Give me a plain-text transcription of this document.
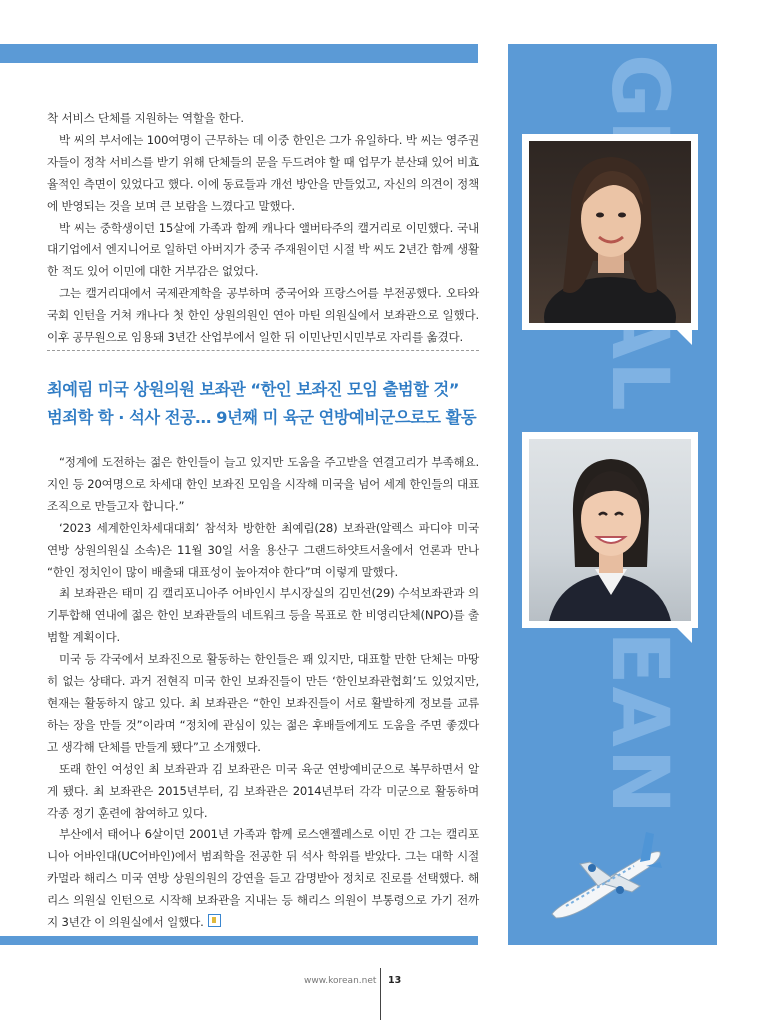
착 서비스 단체를 지원하는 역할을 한다.

박 씨의 부서에는 100여명이 근무하는 데 이중 한인은 그가 유일하다. 박 씨는 영주권자들이 정착 서비스를 받기 위해 단체들의 문을 두드려야 할 때 업무가 분산돼 있어 비효율적인 측면이 있었다고 했다. 이에 동료들과 개선 방안을 만들었고, 자신의 의견이 정책에 반영되는 것을 보며 큰 보람을 느꼈다고 말했다.

박 씨는 중학생이던 15살에 가족과 함께 캐나다 앨버타주의 캘거리로 이민했다. 국내 대기업에서 엔지니어로 일하던 아버지가 중국 주재원이던 시절 박 씨도 2년간 함께 생활한 적도 있어 이민에 대한 거부감은 없었다.

그는 캘거리대에서 국제관계학을 공부하며 중국어와 프랑스어를 부전공했다. 오타와 국회 인턴을 거쳐 캐나다 첫 한인 상원의원인 연아 마틴 의원실에서 보좌관으로 일했다. 이후 공무원으로 임용돼 3년간 산업부에서 일한 뒤 이민난민시민부로 자리를 옮겼다.

최예림 미국 상원의원 보좌관 “한인 보좌진 모임 출범할 것”
범죄학 학 · 석사 전공… 9년째 미 육군 연방예비군으로도 활동

“정계에 도전하는 젊은 한인들이 늘고 있지만 도움을 주고받을 연결고리가 부족해요. 지인 등 20여명으로 차세대 한인 보좌진 모임을 시작해 미국을 넘어 세계 한인들의 대표 조직으로 만들고자 합니다.”

‘2023 세계한인차세대대회’ 참석차 방한한 최예림(28) 보좌관(알렉스 파디야 미국 연방 상원의원실 소속)은 11월 30일 서울 용산구 그랜드하얏트서울에서 언론과 만나 “한인 정치인이 많이 배출돼 대표성이 높아져야 한다”며 이렇게 말했다.

최 보좌관은 태미 김 캘리포니아주 어바인시 부시장실의 김민선(29) 수석보좌관과 의기투합해 연내에 젊은 한인 보좌관들의 네트워크 등을 목표로 한 비영리단체(NPO)를 출범할 계획이다.

미국 등 각국에서 보좌진으로 활동하는 한인들은 꽤 있지만, 대표할 만한 단체는 마땅히 없는 상태다. 과거 전현직 미국 한인 보좌진들이 만든 ‘한인보좌관협회’도 있었지만, 현재는 활동하지 않고 있다. 최 보좌관은 “한인 보좌진들이 서로 활발하게 정보를 교류하는 장을 만들 것”이라며 “정치에 관심이 있는 젊은 후배들에게도 도움을 주면 좋겠다고 생각해 단체를 만들게 됐다”고 소개했다.

또래 한인 여성인 최 보좌관과 김 보좌관은 미국 육군 연방예비군으로 복무하면서 알게 됐다. 최 보좌관은 2015년부터, 김 보좌관은 2014년부터 각각 미군으로 활동하며 각종 정기 훈련에 참여하고 있다.

부산에서 태어나 6살이던 2001년 가족과 함께 로스앤젤레스로 이민 간 그는 캘리포니아 어바인대(UC어바인)에서 범죄학을 전공한 뒤 석사 학위를 받았다. 그는 대학 시절 카멀라 해리스 미국 연방 상원의원의 강연을 듣고 감명받아 정치로 진로를 선택했다. 해리스 의원실 인턴으로 시작해 보좌관을 지내는 등 해리스 의원이 부통령으로 가기 전까지 3년간 이 의원실에서 일했다.

www.korean.net 13
